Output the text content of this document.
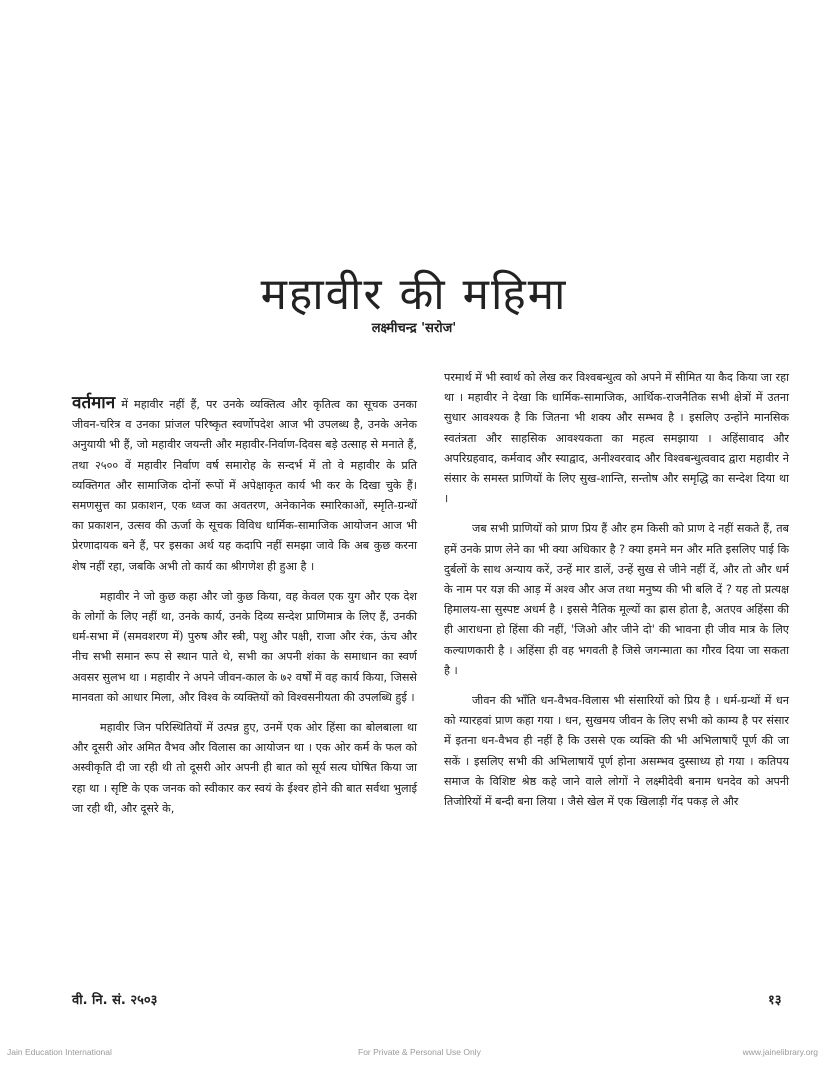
महावीर की महिमा
लक्ष्मीचन्द्र 'सरोज'

वर्तमान में महावीर नहीं हैं, पर उनके व्यक्तित्व और कृतित्व का सूचक उनका जीवन-चरित्र व उनका प्रांजल परिष्कृत स्वर्णोपदेश आज भी उपलब्ध है, उनके अनेक अनुयायी भी हैं, जो महावीर जयन्ती और महावीर-निर्वाण-दिवस बड़े उत्साह से मनाते हैं, तथा २५०० वें महावीर निर्वाण वर्ष समारोह के सन्दर्भ में तो वे महावीर के प्रति व्यक्तिगत और सामाजिक दोनों रूपों में अपेक्षाकृत कार्य भी कर के दिखा चुके हैं। समणसुत्त का प्रकाशन, एक ध्वज का अवतरण, अनेकानेक स्मारिकाओं, स्मृति-ग्रन्थों का प्रकाशन, उत्सव की ऊर्जा के सूचक विविध धार्मिक-सामाजिक आयोजन आज भी प्रेरणादायक बने हैं, पर इसका अर्थ यह कदापि नहीं समझा जावे कि अब कुछ करना शेष नहीं रहा, जबकि अभी तो कार्य का श्रीगणेश ही हुआ है ।

महावीर ने जो कुछ कहा और जो कुछ किया, वह केवल एक युग और एक देश के लोगों के लिए नहीं था, उनके कार्य, उनके दिव्य सन्देश प्राणिमात्र के लिए हैं, उनकी धर्म-सभा में (समवशरण में) पुरुष और स्त्री, पशु और पक्षी, राजा और रंक, ऊंच और नीच सभी समान रूप से स्थान पाते थे, सभी का अपनी शंका के समाधान का स्वर्ण अवसर सुलभ था । महावीर ने अपने जीवन-काल के ७२ वर्षों में वह कार्य किया, जिससे मानवता को आधार मिला, और विश्व के व्यक्तियों को विश्वसनीयता की उपलब्धि हुई ।

महावीर जिन परिस्थितियों में उत्पन्न हुए, उनमें एक ओर हिंसा का बोलबाला था और दूसरी ओर अमित वैभव और विलास का आयोजन था । एक ओर कर्म के फल को अस्वीकृति दी जा रही थी तो दूसरी ओर अपनी ही बात को सूर्य सत्य घोषित किया जा रहा था । सृष्टि के एक जनक को स्वीकार कर स्वयं के ईश्वर होने की बात सर्वथा भुलाई जा रही थी, और दूसरे के,

परमार्थ में भी स्वार्थ को लेख कर विश्वबन्धुत्व को अपने में सीमित या कैद किया जा रहा था । महावीर ने देखा कि धार्मिक-सामाजिक, आर्थिक-राजनैतिक सभी क्षेत्रों में उतना सुधार आवश्यक है कि जितना भी शक्य और सम्भव है । इसलिए उन्होंने मानसिक स्वतंत्रता और साहसिक आवश्यकता का महत्व समझाया । अहिंसावाद और अपरिग्रहवाद, कर्मवाद और स्याद्वाद, अनीश्वरवाद और विश्वबन्धुत्ववाद द्वारा महावीर ने संसार के समस्त प्राणियों के लिए सुख-शान्ति, सन्तोष और समृद्धि का सन्देश दिया था ।

जब सभी प्राणियों को प्राण प्रिय हैं और हम किसी को प्राण दे नहीं सकते हैं, तब हमें उनके प्राण लेने का भी क्या अधिकार है ? क्या हमने मन और मति इसलिए पाई कि दुर्बलों के साथ अन्याय करें, उन्हें मार डालें, उन्हें सुख से जीने नहीं दें, और तो और धर्म के नाम पर यज्ञ की आड़ में अश्व और अज तथा मनुष्य की भी बलि दें ? यह तो प्रत्यक्ष हिमालय-सा सुस्पष्ट अधर्म है । इससे नैतिक मूल्यों का ह्रास होता है, अतएव अहिंसा की ही आराधना हो हिंसा की नहीं, 'जिओ और जीने दो' की भावना ही जीव मात्र के लिए कल्याणकारी है । अहिंसा ही वह भगवती है जिसे जगन्माता का गौरव दिया जा सकता है ।

जीवन की भाँति धन-वैभव-विलास भी संसारियों को प्रिय है । धर्म-ग्रन्थों में धन को ग्यारहवां प्राण कहा गया । धन, सुखमय जीवन के लिए सभी को काम्य है पर संसार में इतना धन-वैभव ही नहीं है कि उससे एक व्यक्ति की भी अभिलाषाएँ पूर्ण की जा सकें । इसलिए सभी की अभिलाषायें पूर्ण होना असम्भव दुस्साध्य हो गया । कतिपय समाज के विशिष्ट श्रेष्ठ कहे जाने वाले लोगों ने लक्ष्मीदेवी बनाम धनदेव को अपनी तिजोरियों में बन्दी बना लिया । जैसे खेल में एक खिलाड़ी गेंद पकड़ ले और

वी. नि. सं. २५०३	१३
Jain Education International	For Private & Personal Use Only	www.jainelibrary.org
